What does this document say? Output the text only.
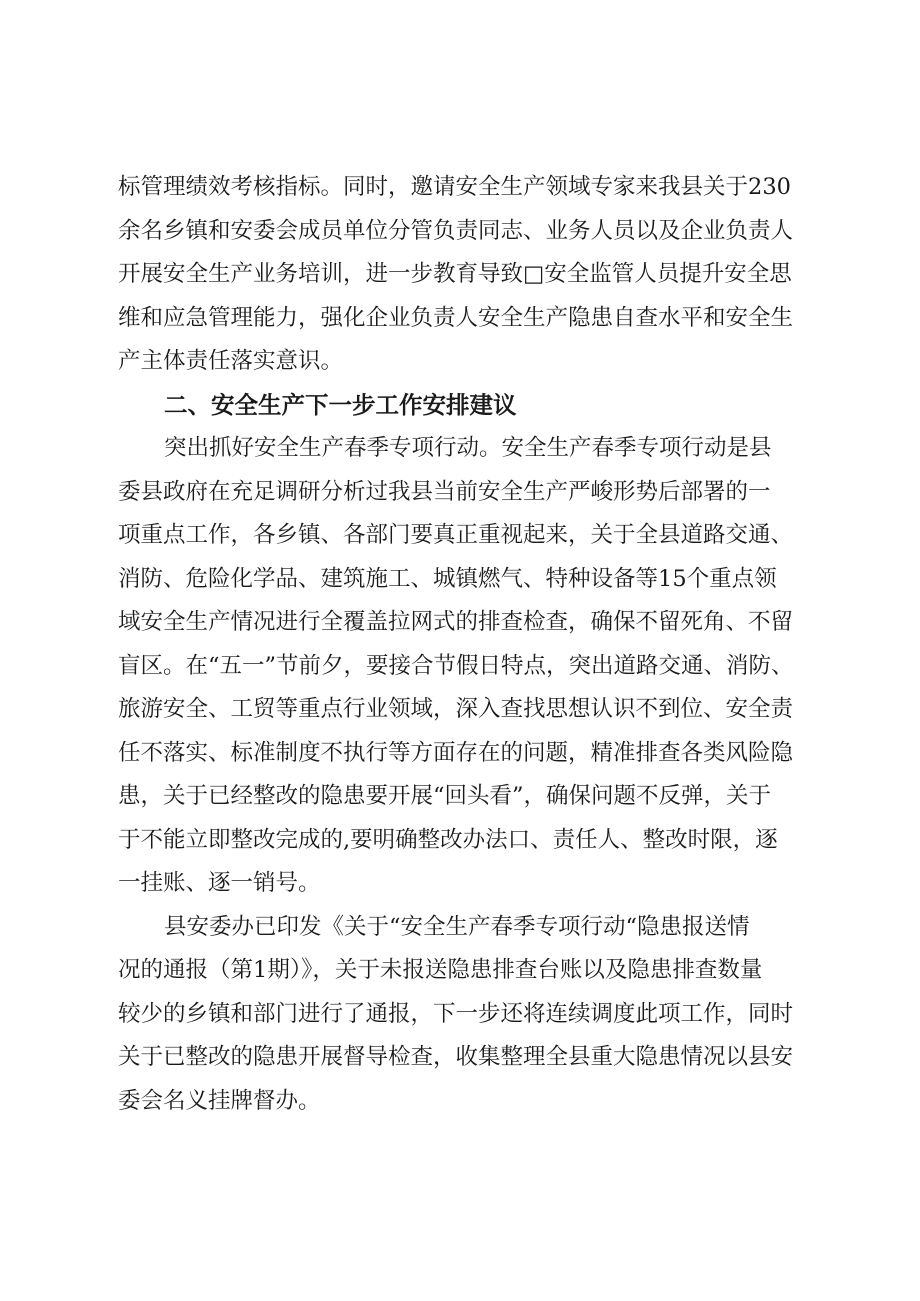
标管理绩效考核指标。同时，邀请安全生产领域专家来我县关于230
余名乡镇和安委会成员单位分管负责同志、业务人员以及企业负责人
开展安全生产业务培训，进一步教育导致□安全监管人员提升安全思
维和应急管理能力，强化企业负责人安全生产隐患自查水平和安全生
产主体责任落实意识。
二、安全生产下一步工作安排建议
突出抓好安全生产春季专项行动。安全生产春季专项行动是县
委县政府在充足调研分析过我县当前安全生产严峻形势后部署的一
项重点工作，各乡镇、各部门要真正重视起来，关于全县道路交通、
消防、危险化学品、建筑施工、城镇燃气、特种设备等15个重点领
域安全生产情况进行全覆盖拉网式的排查检查，确保不留死角、不留
盲区。在“五一”节前夕，要接合节假日特点，突出道路交通、消防、
旅游安全、工贸等重点行业领域，深入查找思想认识不到位、安全责
任不落实、标准制度不执行等方面存在的问题，精准排查各类风险隐
患，关于已经整改的隐患要开展“回头看”，确保问题不反弹，关于
于不能立即整改完成的,要明确整改办法口、责任人、整改时限，逐
一挂账、逐一销号。
县安委办已印发《关于“安全生产春季专项行动“隐患报送情
况的通报（第1期）》，关于未报送隐患排查台账以及隐患排查数量
较少的乡镇和部门进行了通报，下一步还将连续调度此项工作，同时
关于已整改的隐患开展督导检查，收集整理全县重大隐患情况以县安
委会名义挂牌督办。
